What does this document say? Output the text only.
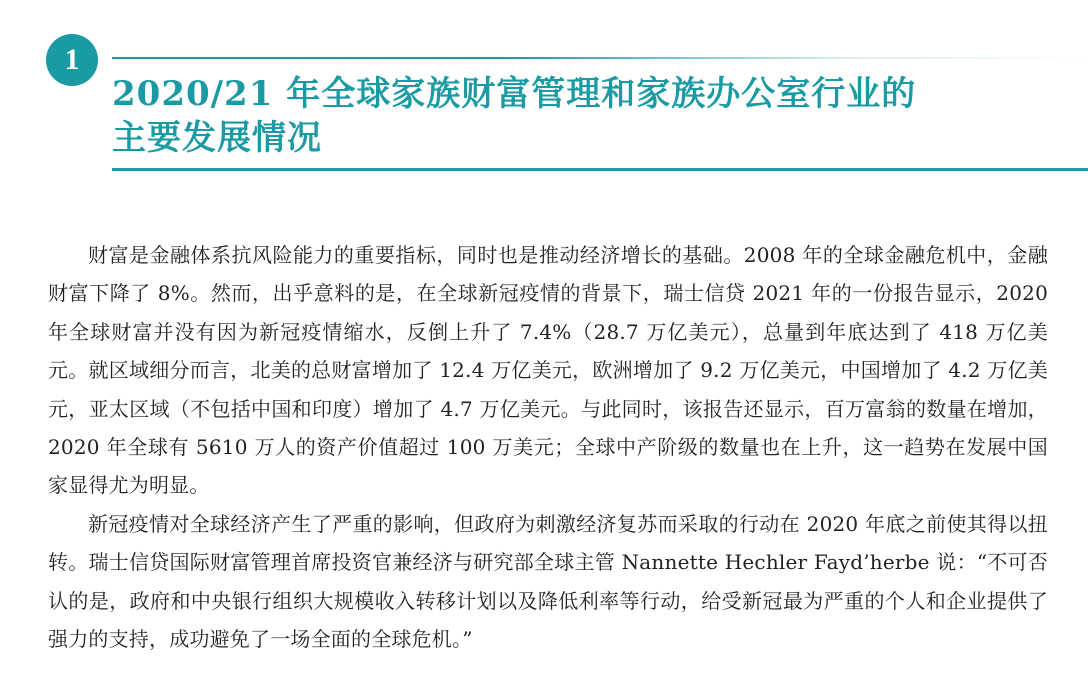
1
2020/21 年全球家族财富管理和家族办公室行业的
主要发展情况

财富是金融体系抗风险能力的重要指标，同时也是推动经济增长的基础。2008 年的全球金融危机中，金融财富下降了 8%。然而，出乎意料的是，在全球新冠疫情的背景下，瑞士信贷 2021 年的一份报告显示，2020 年全球财富并没有因为新冠疫情缩水，反倒上升了 7.4%（28.7 万亿美元），总量到年底达到了 418 万亿美元。就区域细分而言，北美的总财富增加了 12.4 万亿美元，欧洲增加了 9.2 万亿美元，中国增加了 4.2 万亿美元，亚太区域（不包括中国和印度）增加了 4.7 万亿美元。与此同时，该报告还显示，百万富翁的数量在增加，2020 年全球有 5610 万人的资产价值超过 100 万美元；全球中产阶级的数量也在上升，这一趋势在发展中国家显得尤为明显。

新冠疫情对全球经济产生了严重的影响，但政府为刺激经济复苏而采取的行动在 2020 年底之前使其得以扭转。瑞士信贷国际财富管理首席投资官兼经济与研究部全球主管 Nannette Hechler Fayd’herbe 说：“不可否认的是，政府和中央银行组织大规模收入转移计划以及降低利率等行动，给受新冠最为严重的个人和企业提供了强力的支持，成功避免了一场全面的全球危机。”
